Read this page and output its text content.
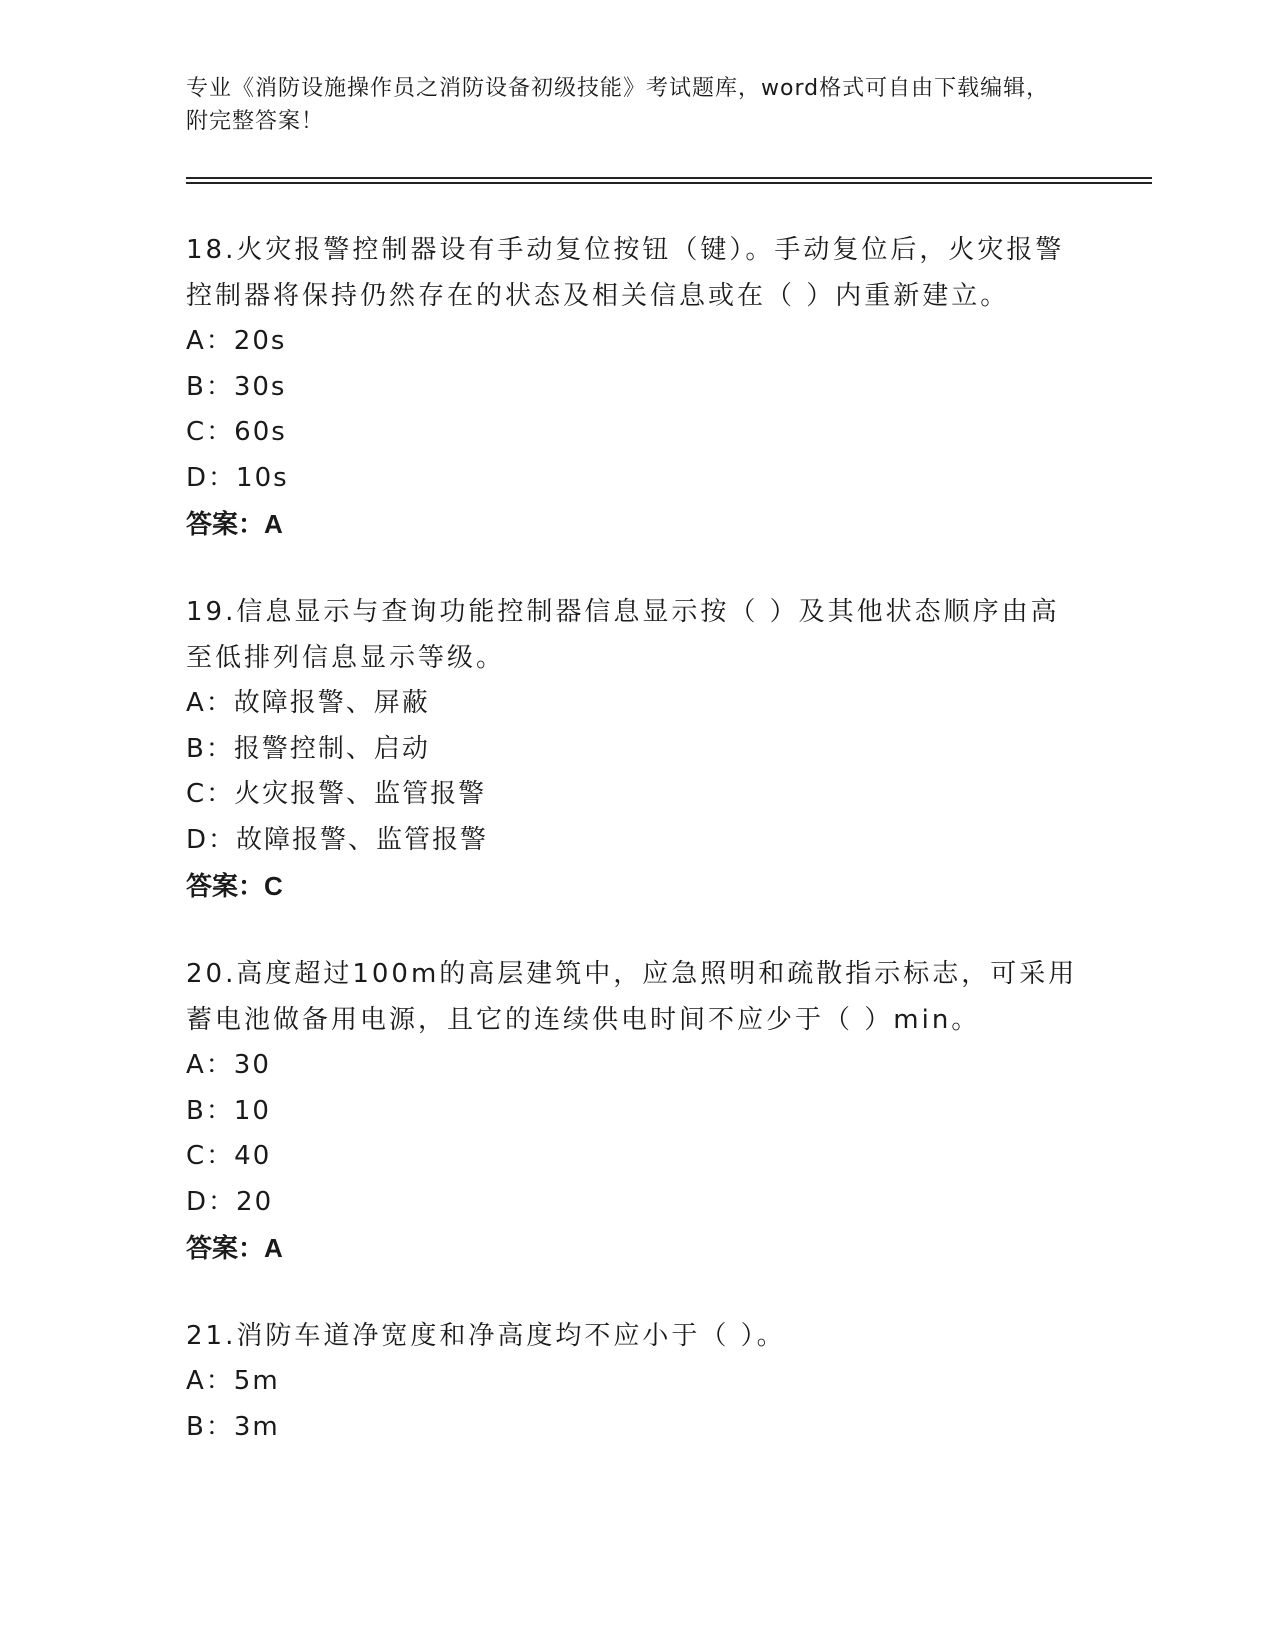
专业《消防设施操作员之消防设备初级技能》考试题库，word格式可自由下载编辑，附完整答案！

18.火灾报警控制器设有手动复位按钮（键）。手动复位后，火灾报警控制器将保持仍然存在的状态及相关信息或在（ ）内重新建立。

A：20s

B：30s

C：60s

D：10s

答案：A

19.信息显示与查询功能控制器信息显示按（ ）及其他状态顺序由高至低排列信息显示等级。

A：故障报警、屏蔽

B：报警控制、启动

C：火灾报警、监管报警

D：故障报警、监管报警

答案：C

20.高度超过100m的高层建筑中，应急照明和疏散指示标志，可采用蓄电池做备用电源，且它的连续供电时间不应少于（ ）min。

A：30

B：10

C：40

D：20

答案：A

21.消防车道净宽度和净高度均不应小于（ ）。

A：5m

B：3m
